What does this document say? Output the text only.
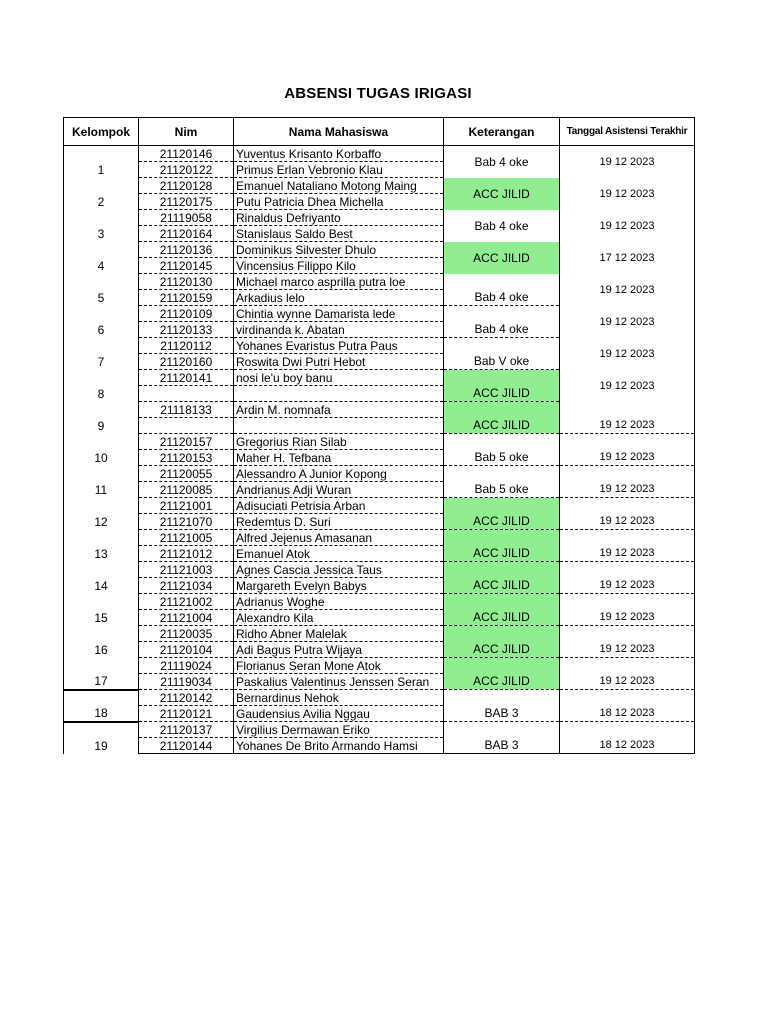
ABSENSI TUGAS IRIGASI
Kelompok	Nim	Nama Mahasiswa	Keterangan	Tanggal Asistensi Terakhir
1	21120146	Yuventus Krisanto Korbaffo	Bab 4 oke	19 12 2023
	21120122	Primus Erlan Vebronio Klau		
2	21120128	Emanuel Nataliano Motong Maing	ACC JILID	19 12 2023
	21120175	Putu Patricia Dhea Michella		
3	21119058	Rinaldus Defriyanto	Bab 4 oke	19 12 2023
	21120164	Stanislaus Saldo Best		
4	21120136	Dominikus Silvester Dhulo	ACC JILID	17 12 2023
	21120145	Vincensius Filippo Kilo		
5	21120130	Michael marco asprilla putra loe		19 12 2023
	21120159	Arkadius lelo	Bab 4 oke	
6	21120109	Chintia wynne Damarista lede		19 12 2023
	21120133	virdinanda k. Abatan	Bab 4 oke	
7	21120112	Yohanes Evaristus Putra Paus		19 12 2023
	21120160	Roswita Dwi Putri Hebot	Bab V oke	
8	21120141	nosi le'u boy banu		19 12 2023
			ACC JILID	
9	21118133	Ardin M. nomnafa		
			ACC JILID	19 12 2023
10	21120157	Gregorius Rian Silab		
	21120153	Maher H. Tefbana	Bab 5 oke	19 12 2023
11	21120055	Alessandro A Junior Kopong		
	21120085	Andrianus Adji Wuran	Bab 5 oke	19 12 2023
12	21121001	Adisuciati Petrisia Arban		
	21121070	Redemtus D. Suri	ACC JILID	19 12 2023
13	21121005	Alfred Jejenus Amasanan		
	21121012	Emanuel Atok	ACC JILID	19 12 2023
14	21121003	Agnes Cascia Jessica Taus		
	21121034	Margareth Evelyn Babys	ACC JILID	19 12 2023
15	21121002	Adrianus Woghe		
	21121004	Alexandro Kila	ACC JILID	19 12 2023
16	21120035	Ridho Abner Malelak		
	21120104	Adi Bagus Putra Wijaya	ACC JILID	19 12 2023
17	21119024	Florianus Seran Mone Atok		
	21119034	Paskalius Valentinus Jenssen Seran	ACC JILID	19 12 2023
18	21120142	Bernardinus Nehok		
	21120121	Gaudensius Avilia Nggau	BAB 3	18 12 2023
19	21120137	Virgilius Dermawan Eriko		
	21120144	Yohanes De Brito Armando Hamsi	BAB 3	18 12 2023
